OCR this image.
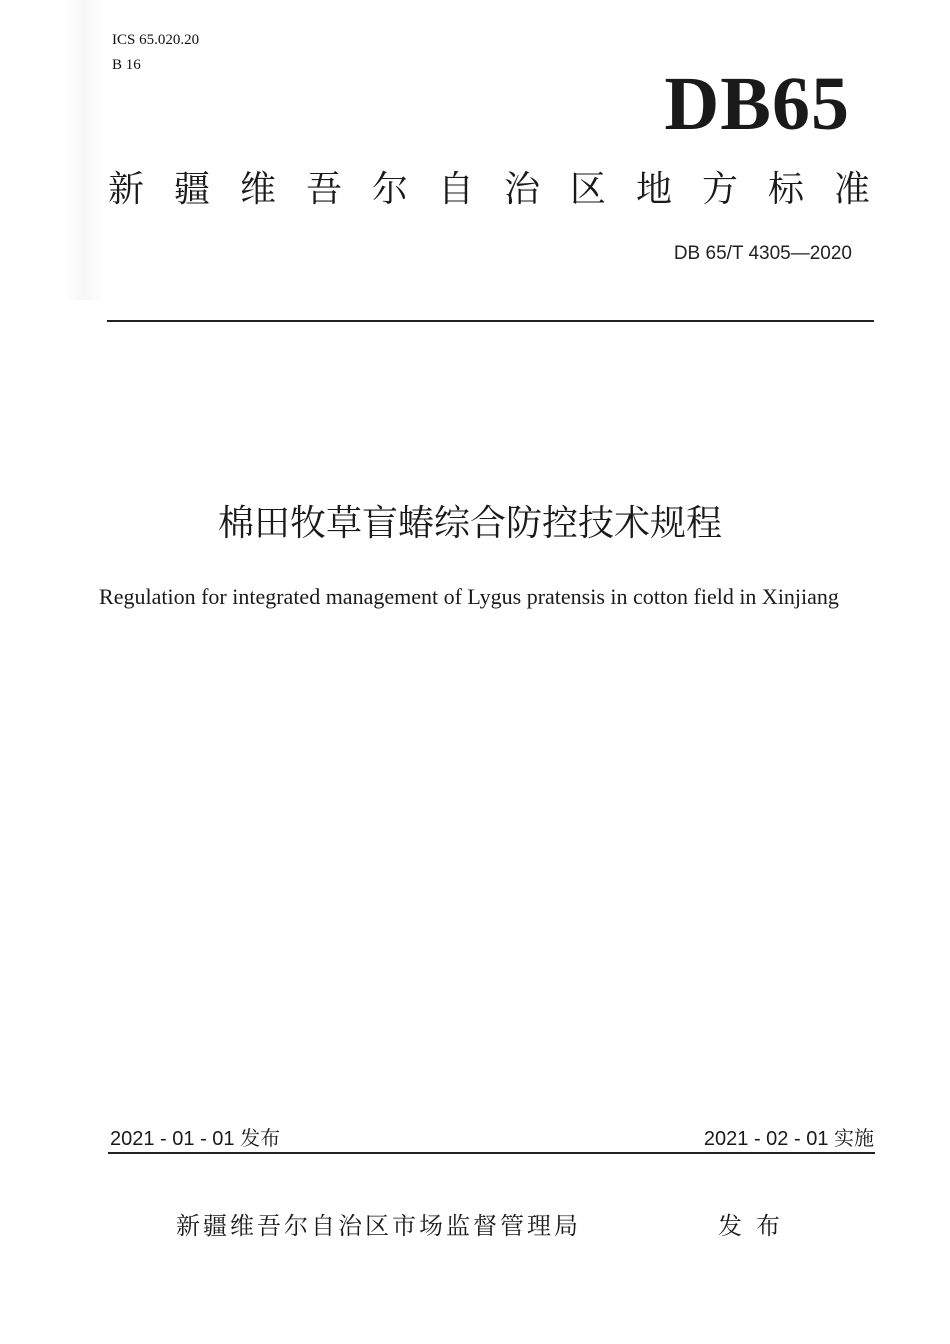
ICS 65.020.20
B 16	DB65
新疆维吾尔自治区地方标准
DB 65/T 4305—2020
棉田牧草盲蝽综合防控技术规程
Regulation for integrated management of Lygus pratensis in cotton field in Xinjiang
2021 - 01 - 01 发布	2021 - 02 - 01 实施
新疆维吾尔自治区市场监督管理局	发布
